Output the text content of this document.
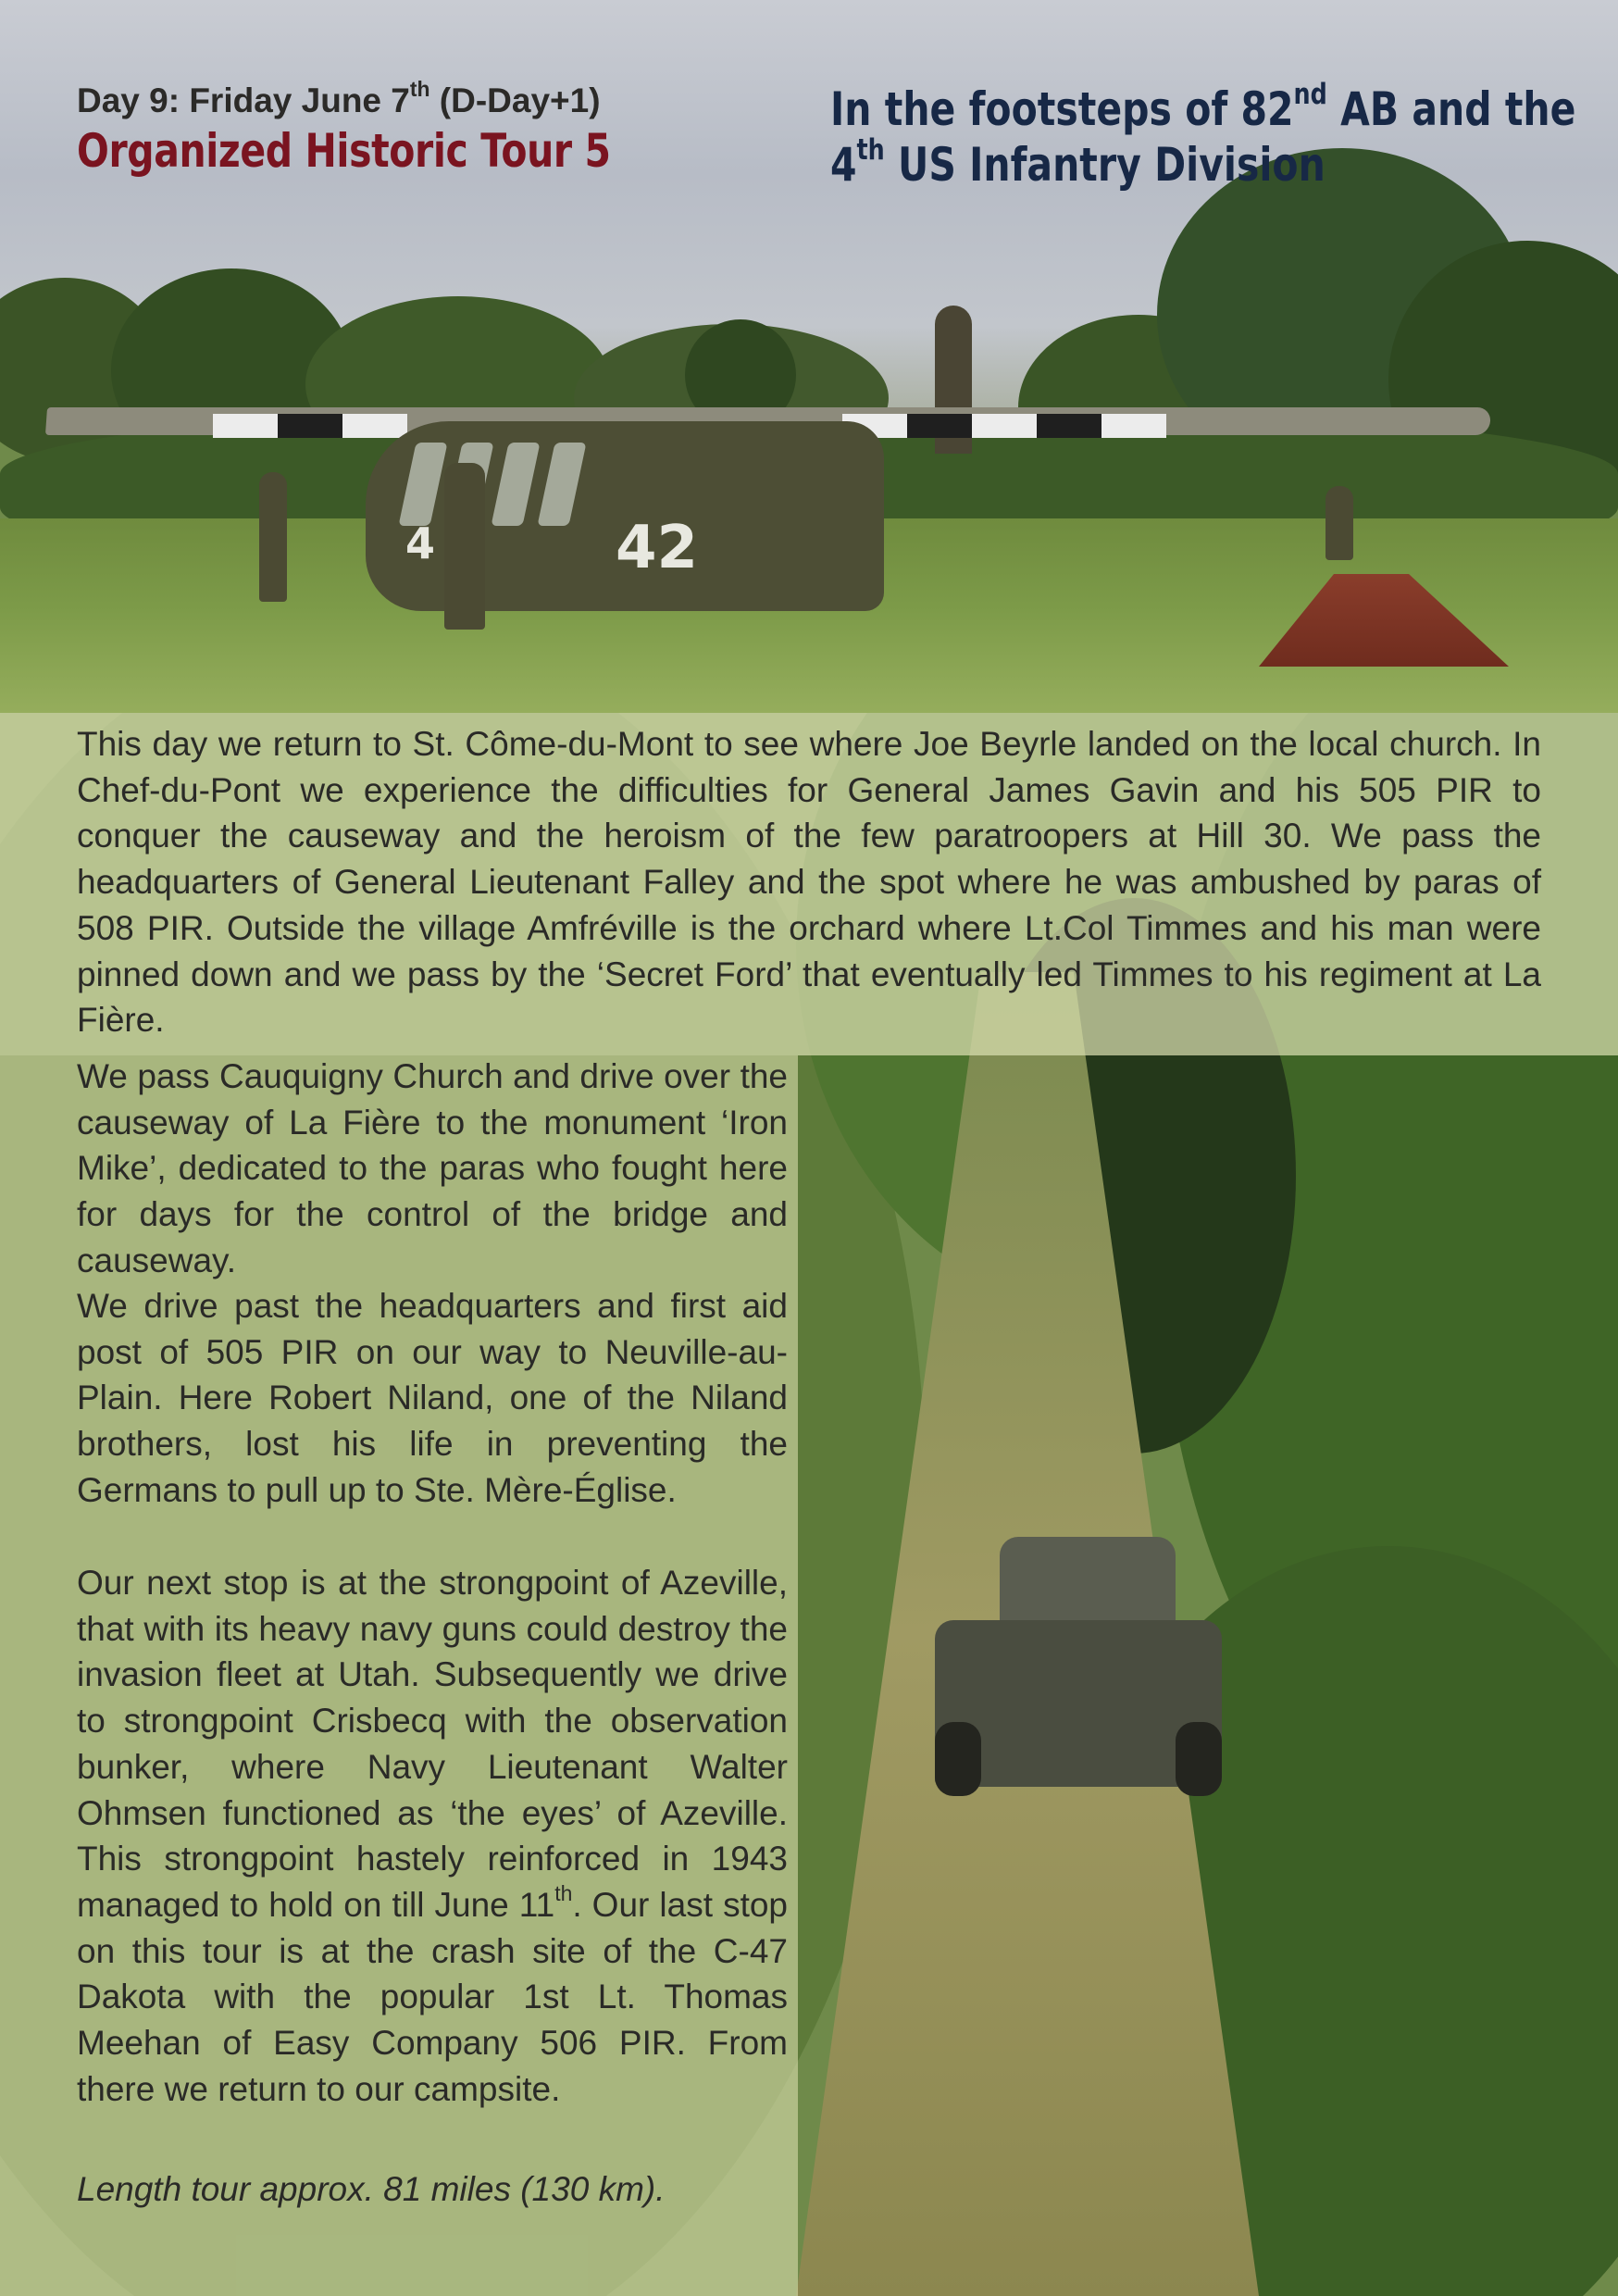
42
4
Day 9: Friday June 7th (D-Day+1)
Organized Historic Tour 5
In the footsteps of 82nd AB and the
4th US Infantry Division

This day we return to St. Côme-du-Mont to see where Joe Beyrle landed on the local church. In Chef-du-Pont we experience the difficulties for General James Gavin and his 505 PIR to conquer the causeway and the heroism of the few paratroopers at Hill 30. We pass the headquarters of General Lieutenant Falley and the spot where he was ambushed by paras of 508 PIR. Outside the village Amfréville is the orchard where Lt.Col Timmes and his man were pinned down and we pass by the ‘Secret Ford’ that eventually led Timmes to his regiment at La Fière.

We pass Cauquigny Church and drive over the causeway of La Fière to the monument ‘Iron Mike’, dedicated to the paras who fought here for days for the control of the bridge and causeway.

We drive past the headquarters and first aid post of 505 PIR on our way to Neuville-au-Plain. Here Robert Niland, one of the Niland brothers, lost his life in preventing the Germans to pull up to Ste. Mère-Église.

Our next stop is at the strongpoint of Azeville, that with its heavy navy guns could destroy the invasion fleet at Utah. Subsequently we drive to strongpoint Crisbecq with the observation bunker, where Navy Lieutenant Walter Ohmsen functioned as ‘the eyes’ of Azeville. This strongpoint hastely reinforced in 1943 managed to hold on till June 11th. Our last stop on this tour is at the crash site of the C-47 Dakota with the popular 1st Lt. Thomas Meehan of Easy Company 506 PIR. From there we return to our campsite.

Length tour approx. 81 miles (130 km).
